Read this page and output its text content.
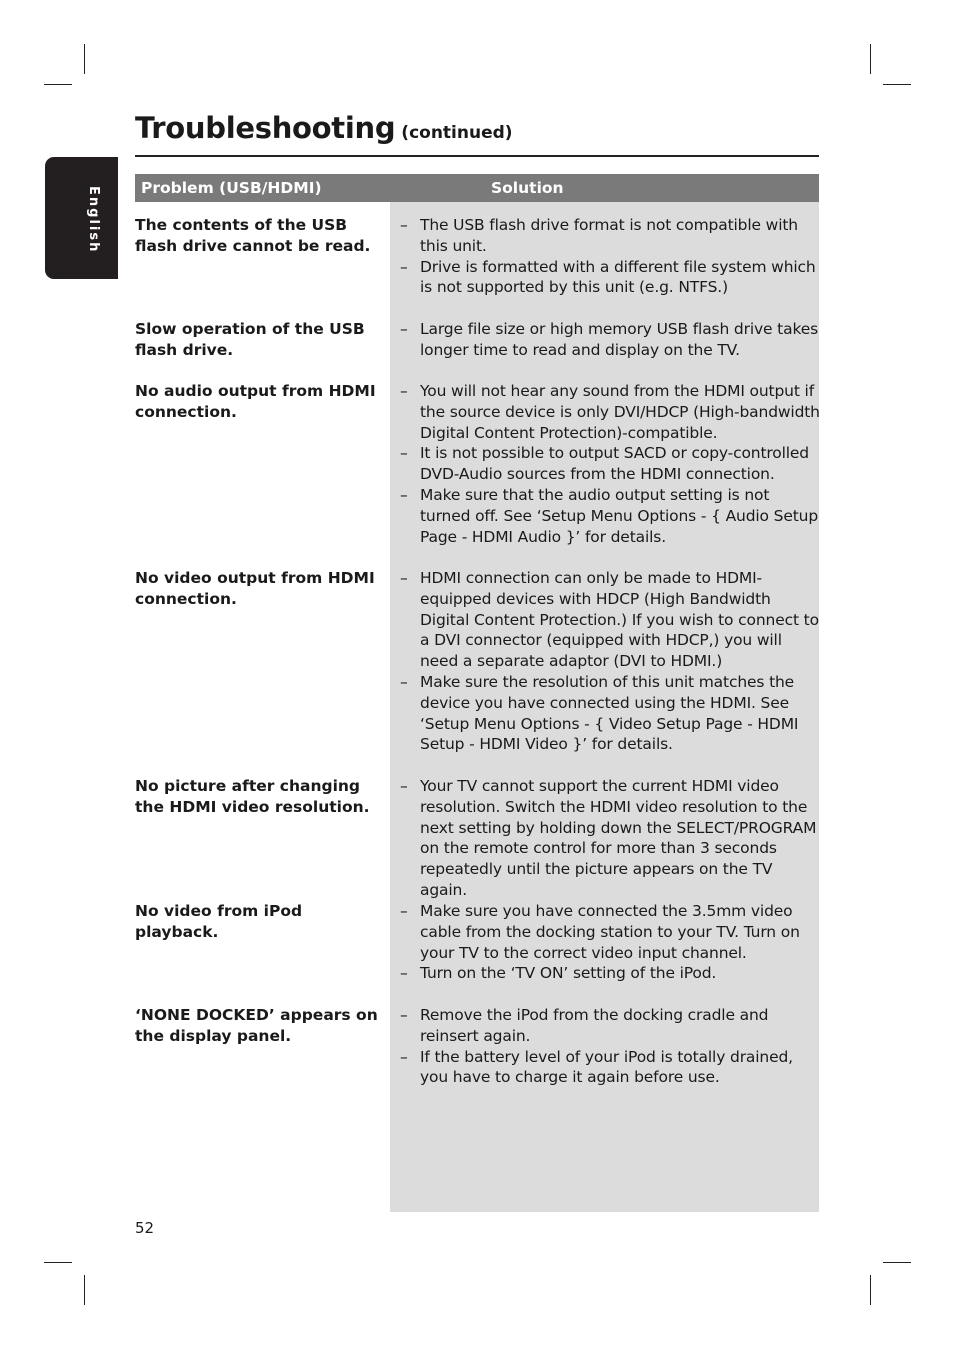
English
Troubleshooting (continued)
Problem (USB/HDMI)	Solution
The contents of the USB flash drive cannot be read.
– The USB flash drive format is not compatible with this unit.
– Drive is formatted with a different file system which is not supported by this unit (e.g. NTFS.)
Slow operation of the USB flash drive.
– Large file size or high memory USB flash drive takes longer time to read and display on the TV.
No audio output from HDMI connection.
– You will not hear any sound from the HDMI output if the source device is only DVI/HDCP (High-bandwidth Digital Content Protection)-compatible.
– It is not possible to output SACD or copy-controlled DVD-Audio sources from the HDMI connection.
– Make sure that the audio output setting is not turned off. See ‘Setup Menu Options - { Audio Setup Page - HDMI Audio }’ for details.
No video output from HDMI connection.
– HDMI connection can only be made to HDMI-equipped devices with HDCP (High Bandwidth Digital Content Protection.) If you wish to connect to a DVI connector (equipped with HDCP,) you will need a separate adaptor (DVI to HDMI.)
– Make sure the resolution of this unit matches the device you have connected using the HDMI. See ‘Setup Menu Options - { Video Setup Page - HDMI Setup - HDMI Video }’ for details.
No picture after changing the HDMI video resolution.
– Your TV cannot support the current HDMI video resolution. Switch the HDMI video resolution to the next setting by holding down the SELECT/PROGRAM on the remote control for more than 3 seconds repeatedly until the picture appears on the TV again.
No video from iPod playback.
– Make sure you have connected the 3.5mm video cable from the docking station to your TV. Turn on your TV to the correct video input channel.
– Turn on the ‘TV ON’ setting of the iPod.
‘NONE DOCKED’ appears on the display panel.
– Remove the iPod from the docking cradle and reinsert again.
– If the battery level of your iPod is totally drained, you have to charge it again before use.
52
